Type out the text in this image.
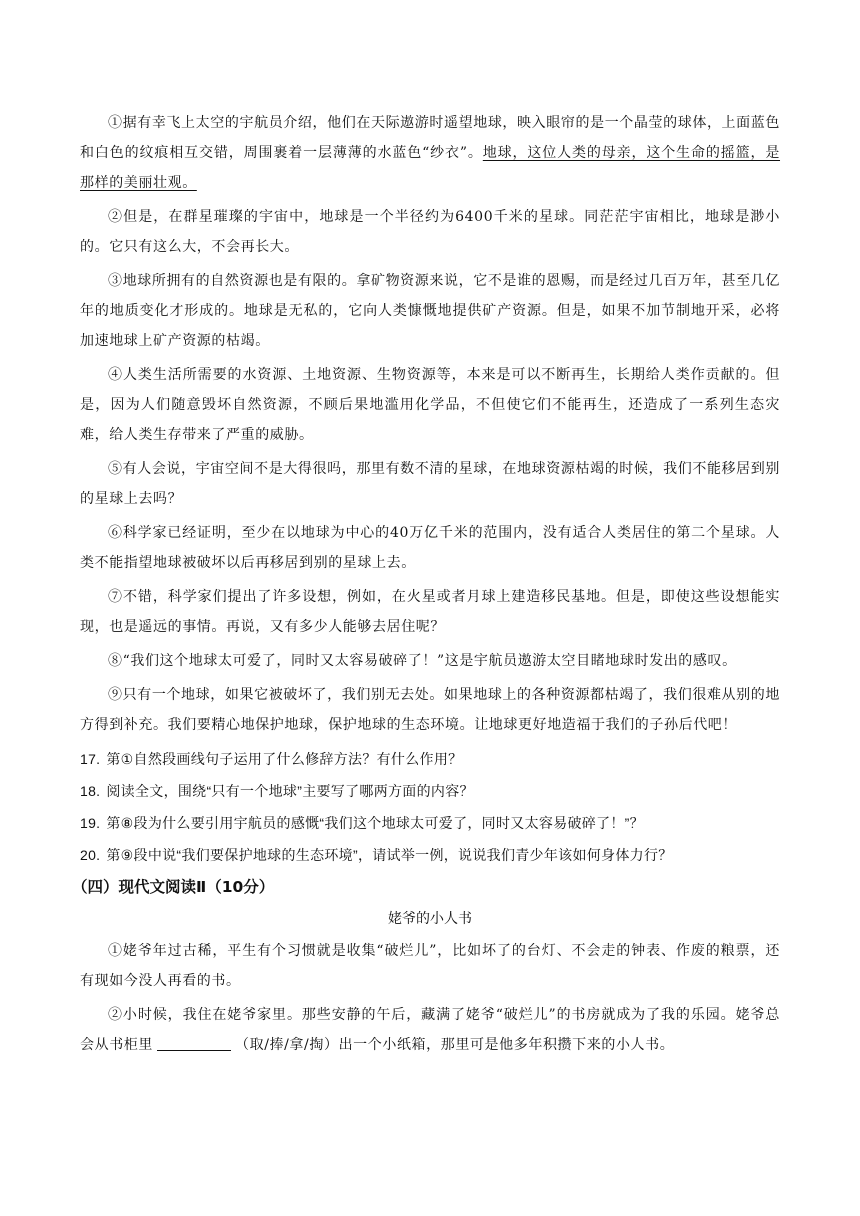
①据有幸飞上太空的宇航员介绍，他们在天际遨游时遥望地球，映入眼帘的是一个晶莹的球体，上面蓝色和白色的纹痕相互交错，周围裹着一层薄薄的水蓝色“纱衣”。地球，这位人类的母亲，这个生命的摇篮，是那样的美丽壮观。

②但是，在群星璀璨的宇宙中，地球是一个半径约为6400千米的星球。同茫茫宇宙相比，地球是渺小的。它只有这么大，不会再长大。

③地球所拥有的自然资源也是有限的。拿矿物资源来说，它不是谁的恩赐，而是经过几百万年，甚至几亿年的地质变化才形成的。地球是无私的，它向人类慷慨地提供矿产资源。但是，如果不加节制地开采，必将加速地球上矿产资源的枯竭。

④人类生活所需要的水资源、土地资源、生物资源等，本来是可以不断再生，长期给人类作贡献的。但是，因为人们随意毁坏自然资源，不顾后果地滥用化学品，不但使它们不能再生，还造成了一系列生态灾难，给人类生存带来了严重的威胁。

⑤有人会说，宇宙空间不是大得很吗，那里有数不清的星球，在地球资源枯竭的时候，我们不能移居到别的星球上去吗？

⑥科学家已经证明，至少在以地球为中心的40万亿千米的范围内，没有适合人类居住的第二个星球。人类不能指望地球被破坏以后再移居到别的星球上去。

⑦不错，科学家们提出了许多设想，例如，在火星或者月球上建造移民基地。但是，即使这些设想能实现，也是遥远的事情。再说，又有多少人能够去居住呢？

⑧“我们这个地球太可爱了，同时又太容易破碎了！”这是宇航员遨游太空目睹地球时发出的感叹。

⑨只有一个地球，如果它被破坏了，我们别无去处。如果地球上的各种资源都枯竭了，我们很难从别的地方得到补充。我们要精心地保护地球，保护地球的生态环境。让地球更好地造福于我们的子孙后代吧！

17. 第①自然段画线句子运用了什么修辞方法？有什么作用？

18. 阅读全文，围绕“只有一个地球”主要写了哪两方面的内容？

19. 第⑧段为什么要引用宇航员的感慨“我们这个地球太可爱了，同时又太容易破碎了！”？

20. 第⑨段中说“我们要保护地球的生态环境”，请试举一例，说说我们青少年该如何身体力行？

（四）现代文阅读Ⅱ（10分）
姥爷的小人书

①姥爷年过古稀，平生有个习惯就是收集“破烂儿”，比如坏了的台灯、不会走的钟表、作废的粮票，还有现如今没人再看的书。

②小时候，我住在姥爷家里。那些安静的午后，藏满了姥爷“破烂儿”的书房就成为了我的乐园。姥爷总会从书柜里	（取/捧/拿/掏）出一个小纸箱，那里可是他多年积攒下来的小人书。
